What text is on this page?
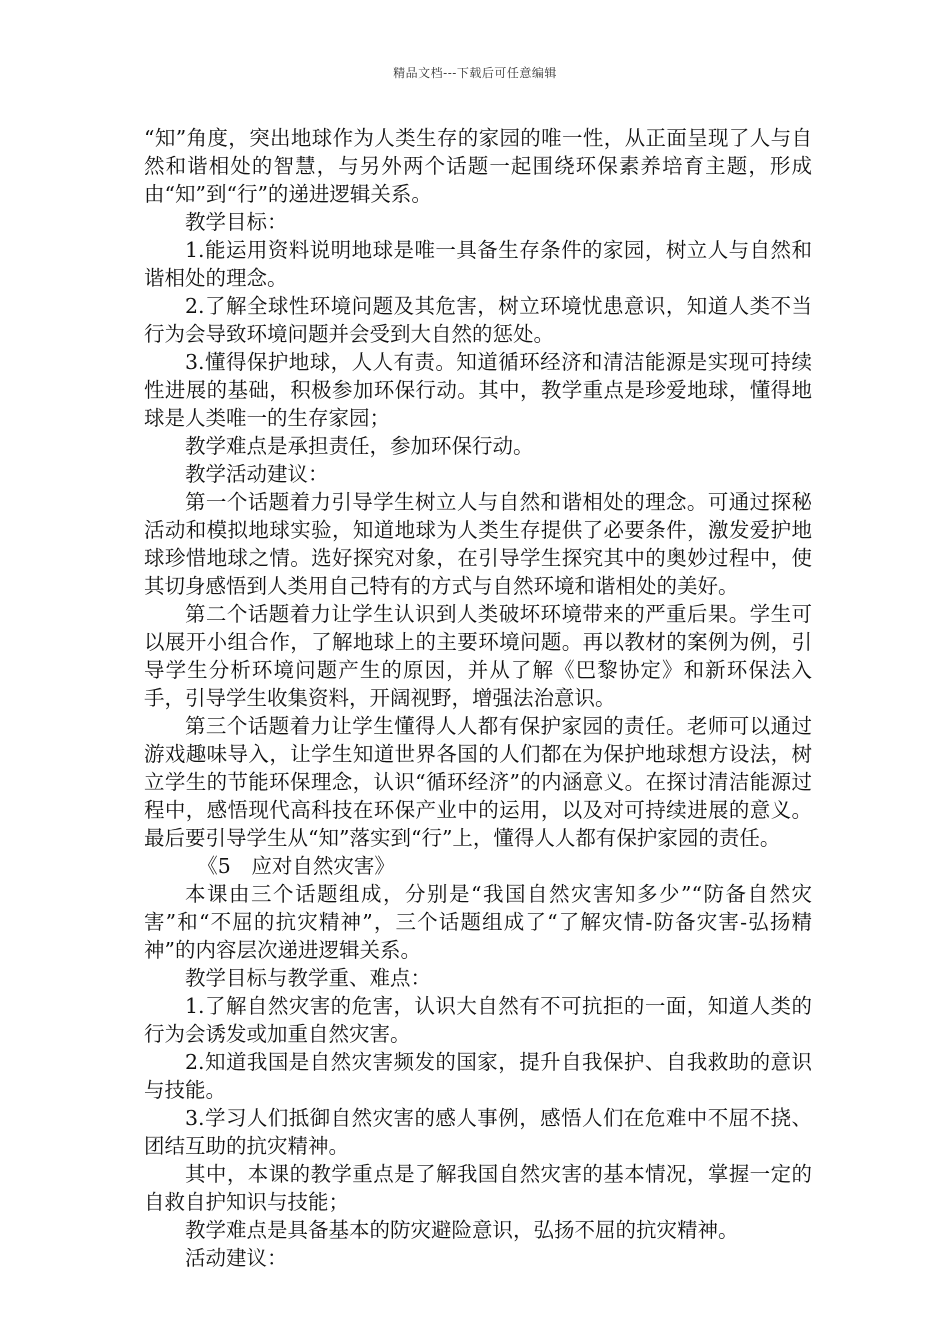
精品文档---下载后可任意编辑

“知”角度，突出地球作为人类生存的家园的唯一性，从正面呈现了人与自然和谐相处的智慧，与另外两个话题一起围绕环保素养培育主题，形成由“知”到“行”的递进逻辑关系。

教学目标：

1.能运用资料说明地球是唯一具备生存条件的家园，树立人与自然和谐相处的理念。

2.了解全球性环境问题及其危害，树立环境忧患意识，知道人类不当行为会导致环境问题并会受到大自然的惩处。

3.懂得保护地球，人人有责。知道循环经济和清洁能源是实现可持续性进展的基础，积极参加环保行动。其中，教学重点是珍爱地球，懂得地球是人类唯一的生存家园；

教学难点是承担责任，参加环保行动。

教学活动建议：

第一个话题着力引导学生树立人与自然和谐相处的理念。可通过探秘活动和模拟地球实验，知道地球为人类生存提供了必要条件，激发爱护地球珍惜地球之情。选好探究对象，在引导学生探究其中的奥妙过程中，使其切身感悟到人类用自己特有的方式与自然环境和谐相处的美好。

第二个话题着力让学生认识到人类破坏环境带来的严重后果。学生可以展开小组合作，了解地球上的主要环境问题。再以教材的案例为例，引导学生分析环境问题产生的原因，并从了解《巴黎协定》和新环保法入手，引导学生收集资料，开阔视野，增强法治意识。

第三个话题着力让学生懂得人人都有保护家园的责任。老师可以通过游戏趣味导入，让学生知道世界各国的人们都在为保护地球想方设法，树立学生的节能环保理念，认识“循环经济”的内涵意义。在探讨清洁能源过程中，感悟现代高科技在环保产业中的运用，以及对可持续进展的意义。最后要引导学生从“知”落实到“行”上，懂得人人都有保护家园的责任。

《5　应对自然灾害》

本课由三个话题组成，分别是“我国自然灾害知多少”“防备自然灾害”和“不屈的抗灾精神”，三个话题组成了“了解灾情-防备灾害-弘扬精神”的内容层次递进逻辑关系。

教学目标与教学重、难点：

1.了解自然灾害的危害，认识大自然有不可抗拒的一面，知道人类的行为会诱发或加重自然灾害。

2.知道我国是自然灾害频发的国家，提升自我保护、自我救助的意识与技能。

3.学习人们抵御自然灾害的感人事例，感悟人们在危难中不屈不挠、团结互助的抗灾精神。

其中，本课的教学重点是了解我国自然灾害的基本情况，掌握一定的自救自护知识与技能；

教学难点是具备基本的防灾避险意识，弘扬不屈的抗灾精神。

活动建议：
